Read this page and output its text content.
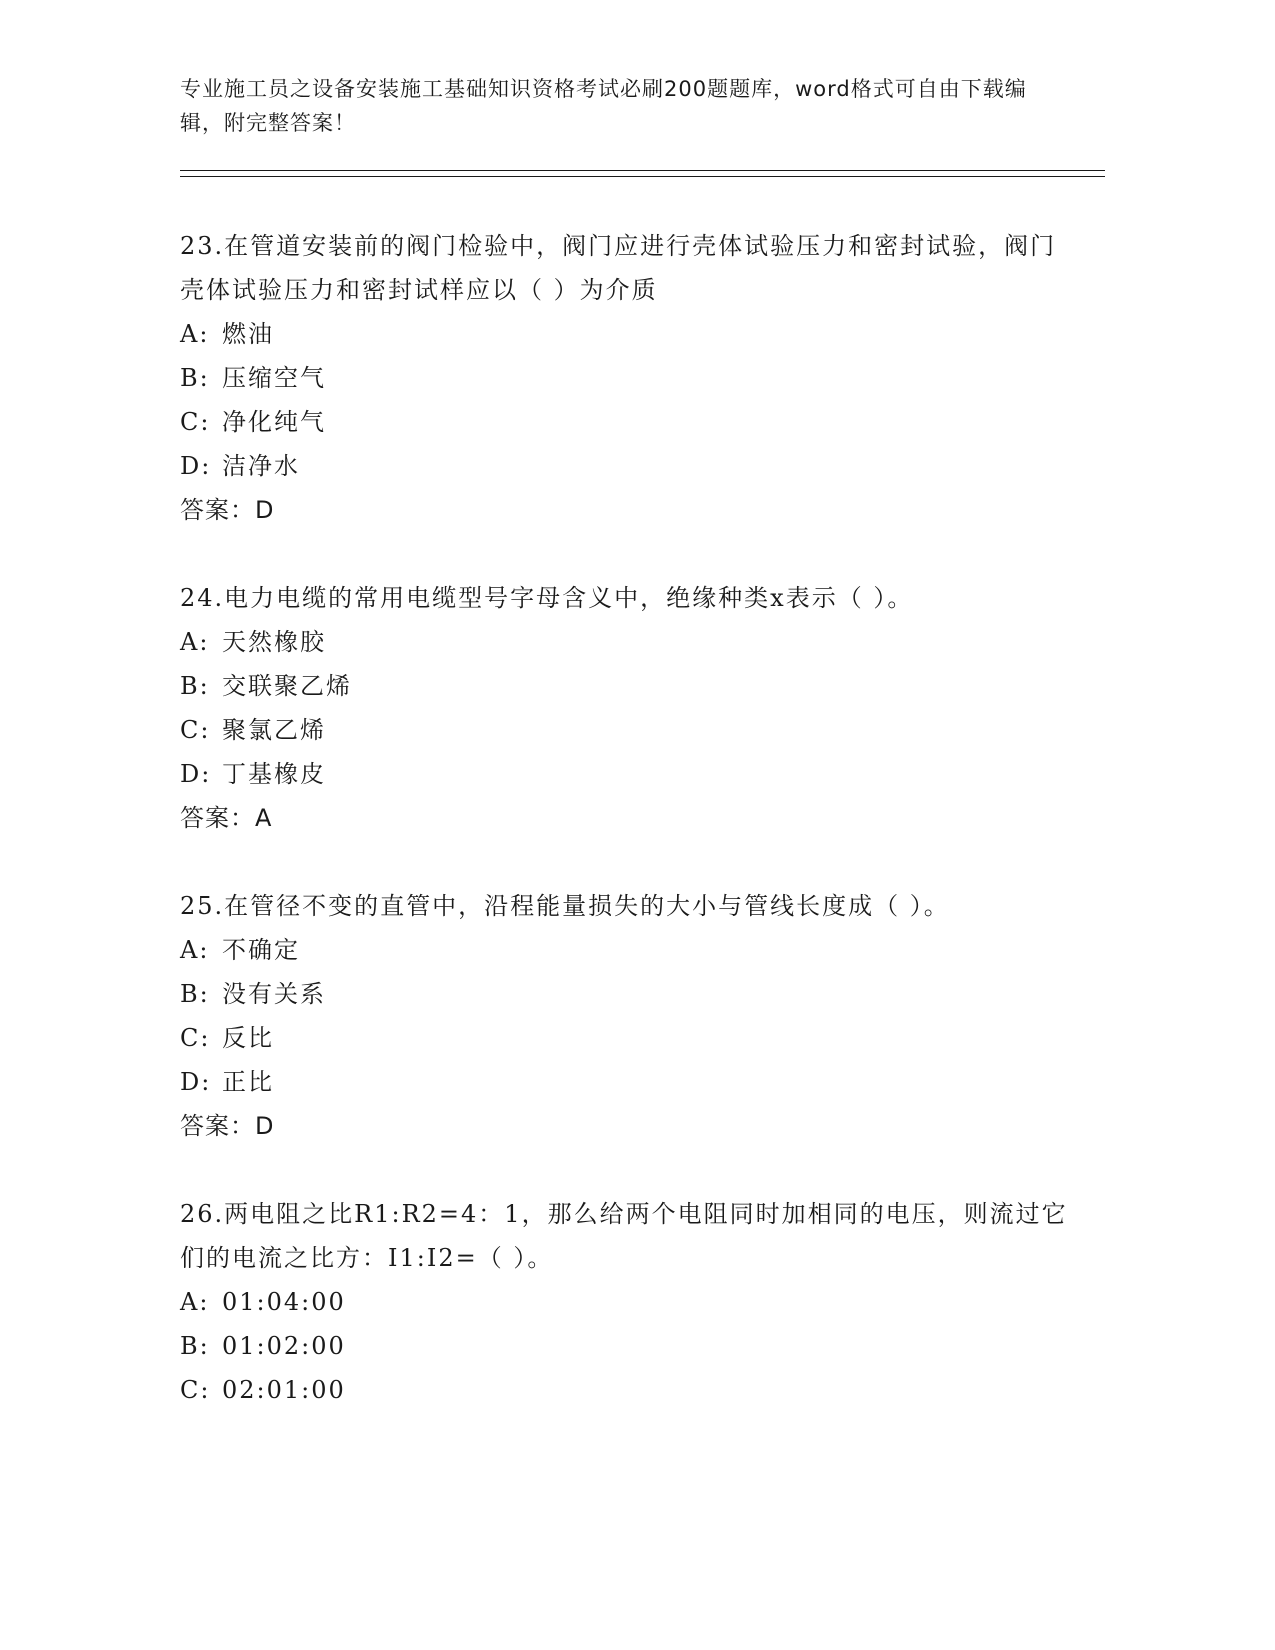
专业施工员之设备安装施工基础知识资格考试必刷200题题库，word格式可自由下载编辑，附完整答案！

23.在管道安装前的阀门检验中，阀门应进行壳体试验压力和密封试验，阀门壳体试验压力和密封试样应以（ ）为介质

A: 燃油
B: 压缩空气
C: 净化纯气
D: 洁净水
答案：D

24.电力电缆的常用电缆型号字母含义中，绝缘种类x表示（ ）。

A: 天然橡胶
B: 交联聚乙烯
C: 聚氯乙烯
D: 丁基橡皮
答案：A

25.在管径不变的直管中，沿程能量损失的大小与管线长度成（ ）。

A: 不确定
B: 没有关系
C: 反比
D: 正比
答案：D

26.两电阻之比R1:R2=4：1，那么给两个电阻同时加相同的电压，则流过它们的电流之比方：I1:I2=（ ）。

A: 01:04:00
B: 01:02:00
C: 02:01:00
